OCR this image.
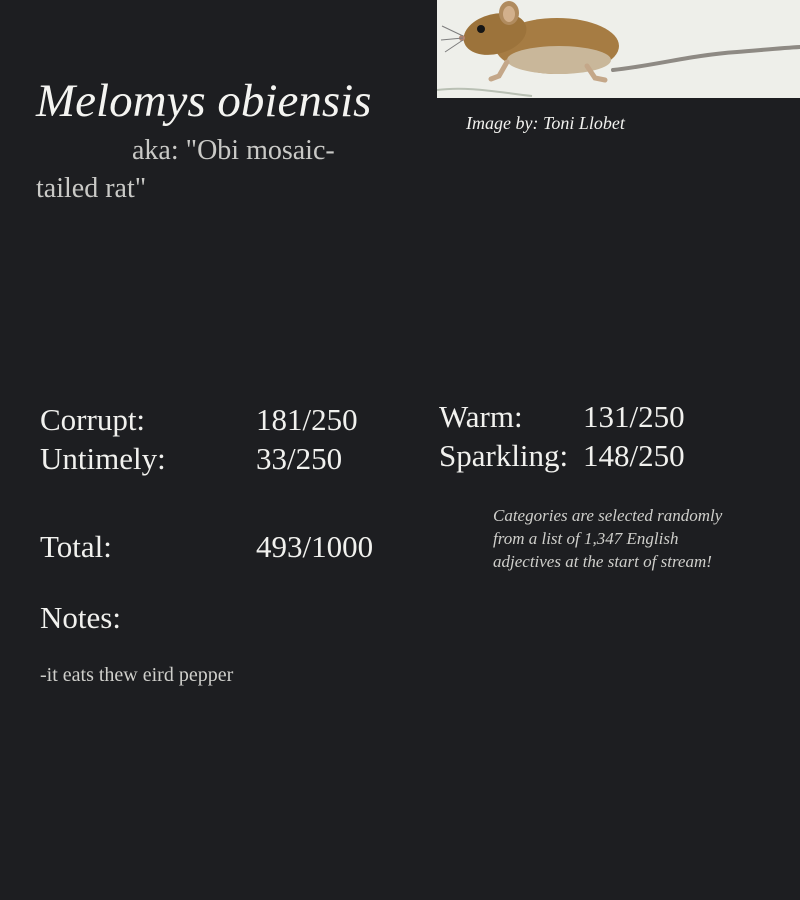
Melomys obiensis
aka: "Obi mosaic-tailed rat"
Image by: Toni Llobet
Corrupt:	181/250
Untimely:	33/250
Warm: 131/250
Sparkling: 148/250
Total:	493/1000
Categories are selected randomly from a list of 1,347 English adjectives at the start of stream!
Notes:
-it eats thew eird pepper
